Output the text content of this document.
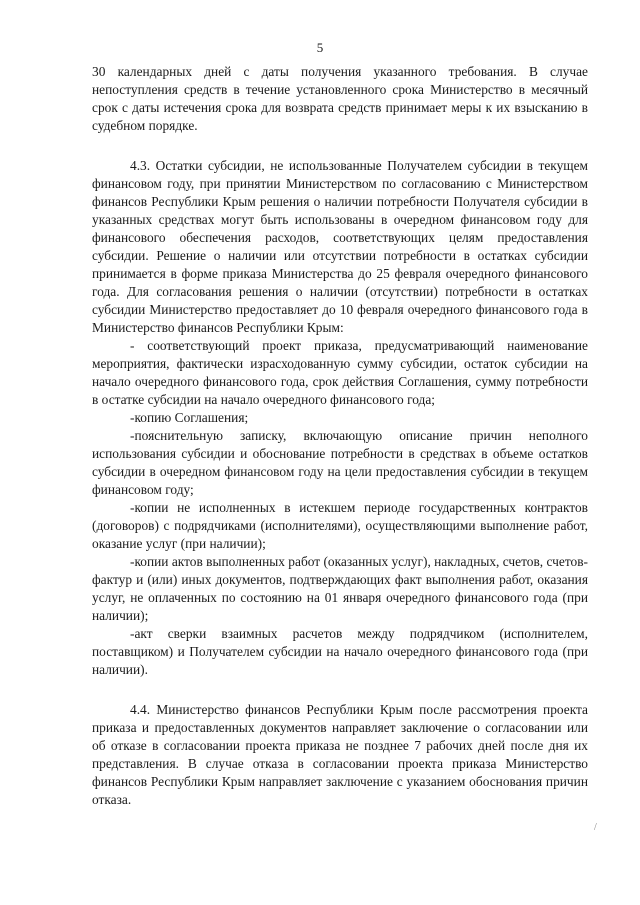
5

30 календарных дней с даты получения указанного требования. В случае непоступления средств в течение установленного срока Министерство в месячный срок с даты истечения срока для возврата средств принимает меры к их взысканию в судебном порядке.

4.3. Остатки субсидии, не использованные Получателем субсидии в текущем финансовом году, при принятии Министерством по согласованию с Министерством финансов Республики Крым решения о наличии потребности Получателя субсидии в указанных средствах могут быть использованы в очередном финансовом году для финансового обеспечения расходов, соответствующих целям предоставления субсидии. Решение о наличии или отсутствии потребности в остатках субсидии принимается в форме приказа Министерства до 25 февраля очередного финансового года. Для согласования решения о наличии (отсутствии) потребности в остатках субсидии Министерство предоставляет до 10 февраля очередного финансового года в Министерство финансов Республики Крым:

- соответствующий проект приказа, предусматривающий наименование мероприятия, фактически израсходованную сумму субсидии, остаток субсидии на начало очередного финансового года, срок действия Соглашения, сумму потребности в остатке субсидии на начало очередного финансового года;

-копию Соглашения;

-пояснительную записку, включающую описание причин неполного использования субсидии и обоснование потребности в средствах в объеме остатков субсидии в очередном финансовом году на цели предоставления субсидии в текущем финансовом году;

-копии не исполненных в истекшем периоде государственных контрактов (договоров) с подрядчиками (исполнителями), осуществляющими выполнение работ, оказание услуг (при наличии);

-копии актов выполненных работ (оказанных услуг), накладных, счетов, счетов-фактур и (или) иных документов, подтверждающих факт выполнения работ, оказания услуг, не оплаченных по состоянию на 01 января очередного финансового года (при наличии);

-акт сверки взаимных расчетов между подрядчиком (исполнителем, поставщиком) и Получателем субсидии на начало очередного финансового года (при наличии).

4.4. Министерство финансов Республики Крым после рассмотрения проекта приказа и предоставленных документов направляет заключение о согласовании или об отказе в согласовании проекта приказа не позднее 7 рабочих дней после дня их представления. В случае отказа в согласовании проекта приказа Министерство финансов Республики Крым направляет заключение с указанием обоснования причин отказа.

/
